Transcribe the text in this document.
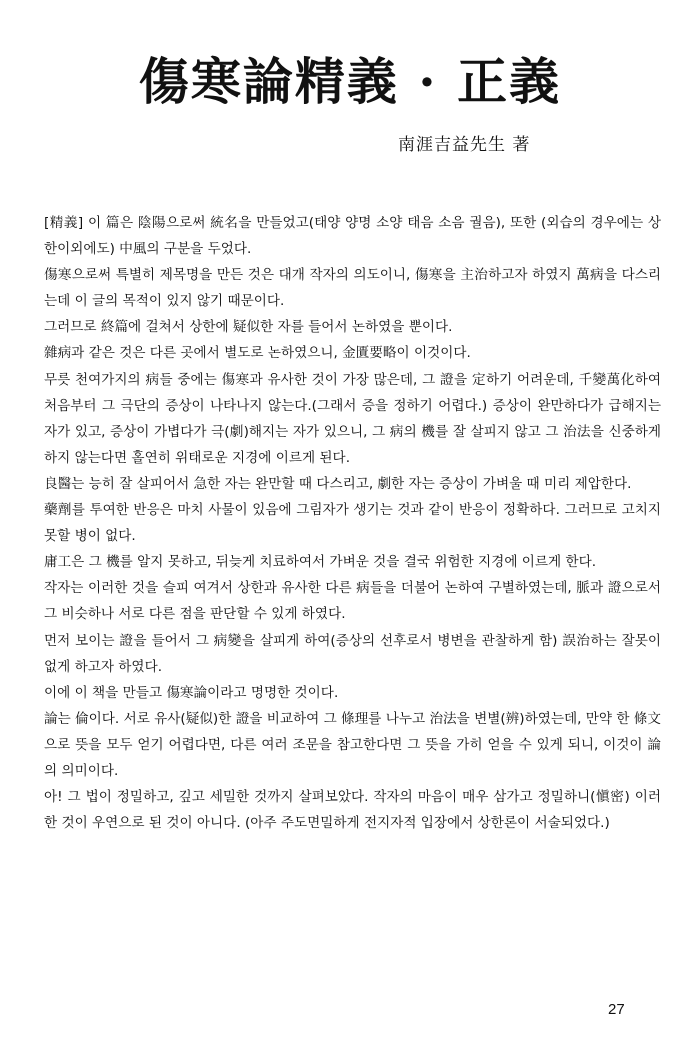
傷寒論精義 · 正義
南涯吉益先生 著

[精義] 이 篇은 陰陽으로써 統名을 만들었고(태양 양명 소양 태음 소음 궐음), 또한 (외습의 경우에는 상한이외에도) 中風의 구분을 두었다.

傷寒으로써 특별히 제목명을 만든 것은 대개 작자의 의도이니, 傷寒을 主治하고자 하였지 萬病을 다스리는데 이 글의 목적이 있지 않기 때문이다.

그러므로 終篇에 걸쳐서 상한에 疑似한 자를 들어서 논하였을 뿐이다.

雜病과 같은 것은 다른 곳에서 별도로 논하였으니, 金匱要略이 이것이다.

무릇 천여가지의 病들 중에는 傷寒과 유사한 것이 가장 많은데, 그 證을 定하기 어려운데, 千變萬化하여 처음부터 그 극단의 증상이 나타나지 않는다.(그래서 증을 정하기 어렵다.) 증상이 완만하다가 급해지는 자가 있고, 증상이 가볍다가 극(劇)해지는 자가 있으니, 그 病의 機를 잘 살피지 않고 그 治法을 신중하게 하지 않는다면 홀연히 위태로운 지경에 이르게 된다.

良醫는 능히 잘 살피어서 急한 자는 완만할 때 다스리고, 劇한 자는 증상이 가벼울 때 미리 제압한다.

藥劑를 투여한 반응은 마치 사물이 있음에 그림자가 생기는 것과 같이 반응이 정확하다. 그러므로 고치지 못할 병이 없다.

庸工은 그 機를 알지 못하고, 뒤늦게 치료하여서 가벼운 것을 결국 위험한 지경에 이르게 한다.

작자는 이러한 것을 슬피 여겨서 상한과 유사한 다른 病들을 더불어 논하여 구별하였는데, 脈과 證으로서 그 비슷하나 서로 다른 점을 판단할 수 있게 하였다.

먼저 보이는 證을 들어서 그 病變을 살피게 하여(증상의 선후로서 병변을 관찰하게 함) 誤治하는 잘못이 없게 하고자 하였다.

이에 이 책을 만들고 傷寒論이라고 명명한 것이다.

論는 倫이다. 서로 유사(疑似)한 證을 비교하여 그 條理를 나누고 治法을 변별(辨)하였는데, 만약 한 條文으로 뜻을 모두 얻기 어렵다면, 다른 여러 조문을 참고한다면 그 뜻을 가히 얻을 수 있게 되니, 이것이 論의 의미이다.

아! 그 법이 정밀하고, 깊고 세밀한 것까지 살펴보았다. 작자의 마음이 매우 삼가고 정밀하니(愼密) 이러한 것이 우연으로 된 것이 아니다. (아주 주도면밀하게 전지자적 입장에서 상한론이 서술되었다.)

27
